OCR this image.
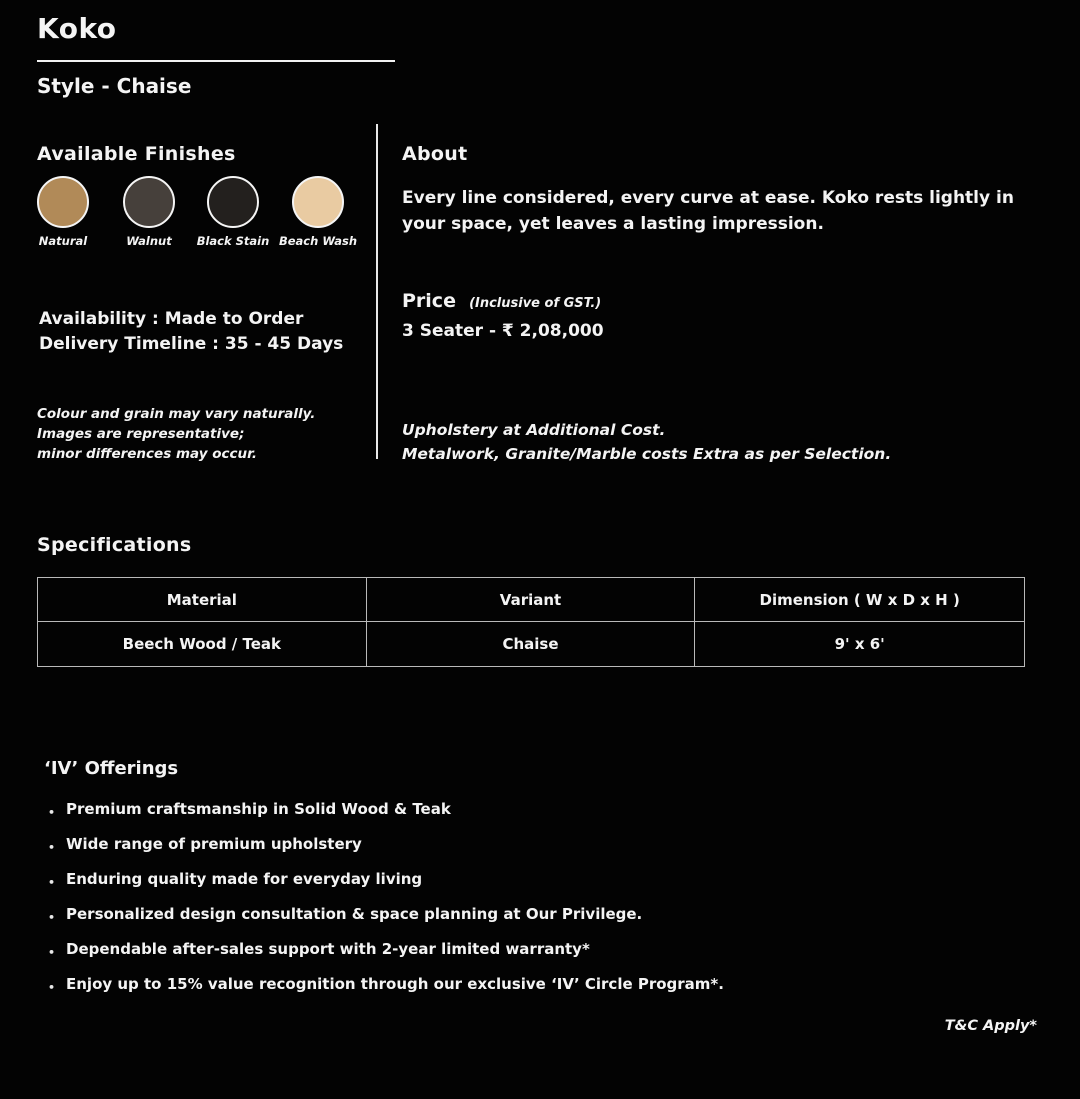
Koko
Style - Chaise
Available Finishes
Natural	Walnut	Black Stain Beach Wash
About
Every line considered, every curve at ease. Koko rests lightly in your space, yet leaves a lasting impression.
Availability : Made to Order
Delivery Timeline : 35 - 45 Days
Price (Inclusive of GST.)
3 Seater - ₹ 2,08,000
Colour and grain may vary naturally.
Images are representative;
minor differences may occur.
Upholstery at Additional Cost.
Metalwork, Granite/Marble costs Extra as per Selection.
Specifications
Material	Variant	Dimension ( W x D x H )
Beech Wood / Teak	Chaise	9' x 6'
‘IV’ Offerings
• Premium craftsmanship in Solid Wood & Teak
• Wide range of premium upholstery
• Enduring quality made for everyday living
• Personalized design consultation & space planning at Our Privilege.
• Dependable after-sales support with 2-year limited warranty*
• Enjoy up to 15% value recognition through our exclusive ‘IV’ Circle Program*.
T&C Apply*
